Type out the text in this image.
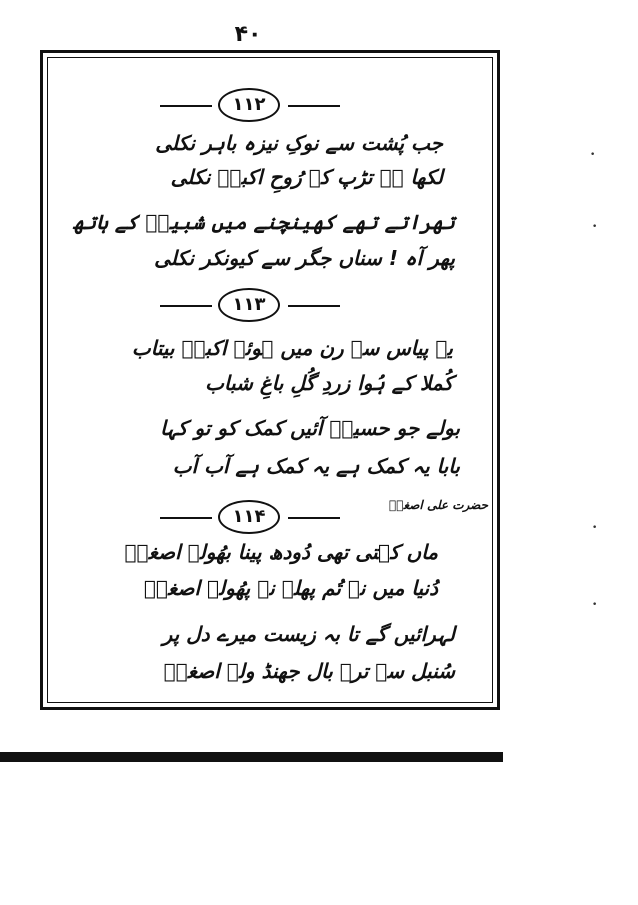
۴۰
۱۱۲
جب پُشت سے نوکِ نیزہ باہر نکلی
لکھا ہے تڑپ کے رُوحِ اکبرؑ نکلی
تھراتے تھے کھینچنے میں شبیرؑ کے ہاتھ
پھر آہ ! سناں جگر سے کیونکر نکلی
۱۱۳
یہ پیاس سے رن میں ہوئے اکبرؑ بیتاب
کُملا کے ہُوا زردِ گُلِ باغِ شباب
بولے جو حسینؑ آئیں کمک کو تو کہا
بابا یہ کمک ہے یہ کمک ہے آب آب
حضرت علی اصغرؑ
۱۱۴
ماں کہتی تھی دُودھ پینا بھُولے اصغرؑ
دُنیا میں نہ تُم پھلے نہ پھُولے اصغرؑ
لہرائیں گے تا بہ زیست میرے دل پر
سُنبل سے ترے بال جھنڈ ولے اصغرؑ
•
•
•
•
